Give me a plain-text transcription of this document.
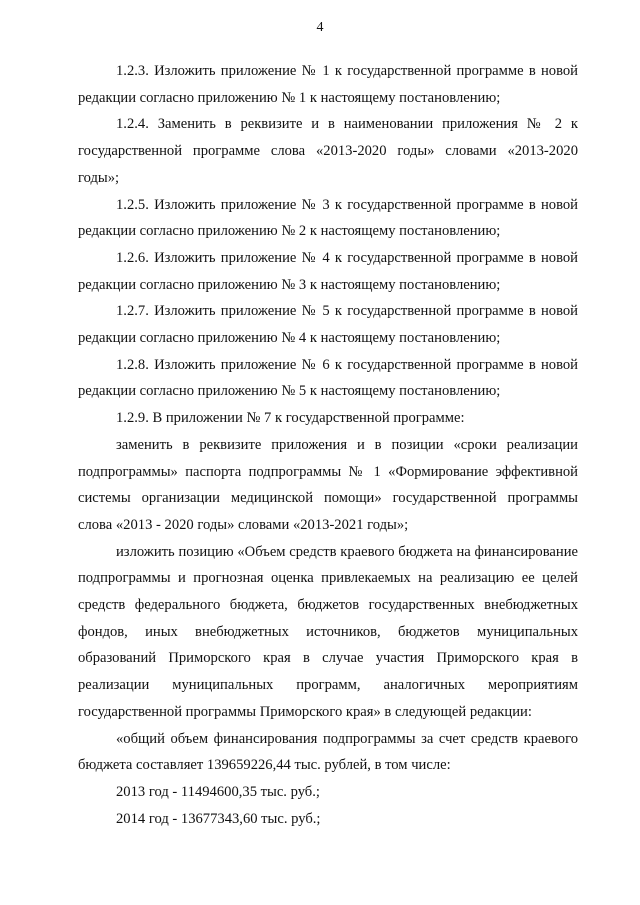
4

1.2.3. Изложить приложение № 1 к государственной программе в новой редакции согласно приложению № 1 к настоящему постановлению;

1.2.4. Заменить в реквизите и в наименовании приложения № 2 к государственной программе слова «2013-2020 годы» словами «2013-2020 годы»;

1.2.5. Изложить приложение № 3 к государственной программе в новой редакции согласно приложению № 2 к настоящему постановлению;

1.2.6. Изложить приложение № 4 к государственной программе в новой редакции согласно приложению № 3 к настоящему постановлению;

1.2.7. Изложить приложение № 5 к государственной программе в новой редакции согласно приложению № 4 к настоящему постановлению;

1.2.8. Изложить приложение № 6 к государственной программе в новой редакции согласно приложению № 5 к настоящему постановлению;

1.2.9. В приложении № 7 к государственной программе:

заменить в реквизите приложения и в позиции «сроки реализации подпрограммы» паспорта подпрограммы № 1 «Формирование эффективной системы организации медицинской помощи» государственной программы слова «2013 - 2020 годы» словами «2013-2021 годы»;

изложить позицию «Объем средств краевого бюджета на финансирование подпрограммы и прогнозная оценка привлекаемых на реализацию ее целей средств федерального бюджета, бюджетов государственных внебюджетных фондов, иных внебюджетных источников, бюджетов муниципальных образований Приморского края в случае участия Приморского края в реализации муниципальных программ, аналогичных мероприятиям государственной программы Приморского края» в следующей редакции:

«общий объем финансирования подпрограммы за счет средств краевого бюджета составляет 139659226,44 тыс. рублей, в том числе:

2013 год - 11494600,35 тыс. руб.;

2014 год - 13677343,60 тыс. руб.;
